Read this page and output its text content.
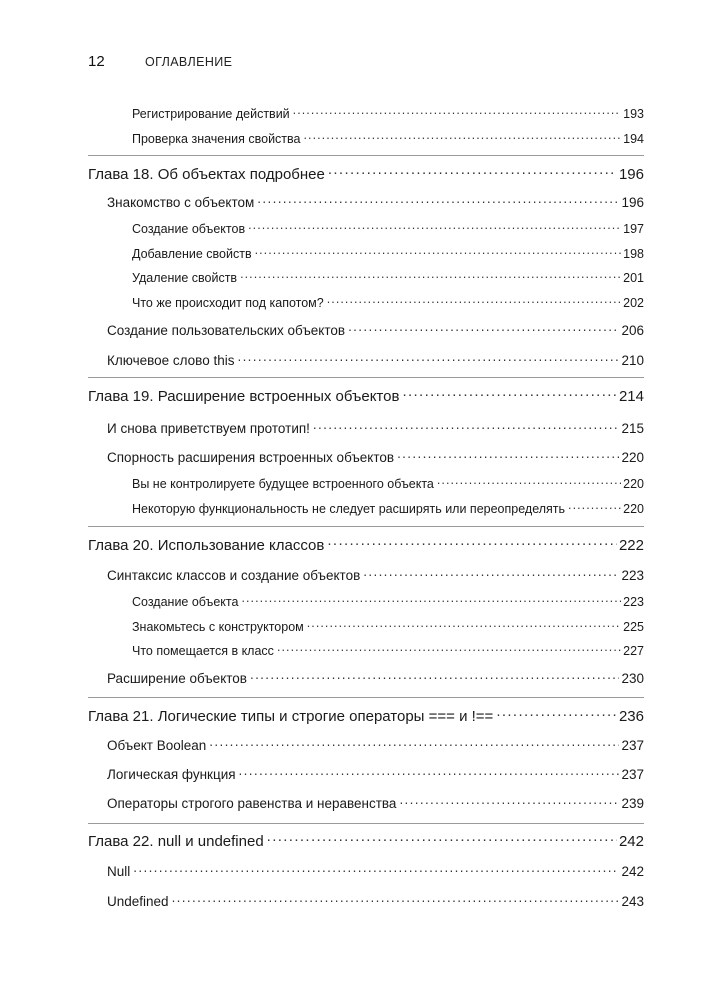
12	ОГЛАВЛЕНИЕ
Регистрирование действий . . .	193
Проверка значения свойства . . .	194
Глава 18. Об объектах подробнее . . .	196
Знакомство с объектом . . .	196
Создание объектов . . .	197
Добавление свойств . . .	198
Удаление свойств . . .	201
Что же происходит под капотом? . . .	202
Создание пользовательских объектов . . .	206
Ключевое слово this . . .	210
Глава 19. Расширение встроенных объектов . . .	214
И снова приветствуем прототип! . . .	215
Спорность расширения встроенных объектов . . .	220
Вы не контролируете будущее встроенного объекта . . .	220
Некоторую функциональность не следует расширять или переопределять . . .	220
Глава 20. Использование классов . . .	222
Синтаксис классов и создание объектов . . .	223
Создание объекта . . .	223
Знакомьтесь с конструктором . . .	225
Что помещается в класс . . .	227
Расширение объектов . . .	230
Глава 21. Логические типы и строгие операторы === и !== . . .	236
Объект Boolean . . .	237
Логическая функция . . .	237
Операторы строгого равенства и неравенства . . .	239
Глава 22. null и undefined . . .	242
Null . . .	242
Undefined . . .	243
